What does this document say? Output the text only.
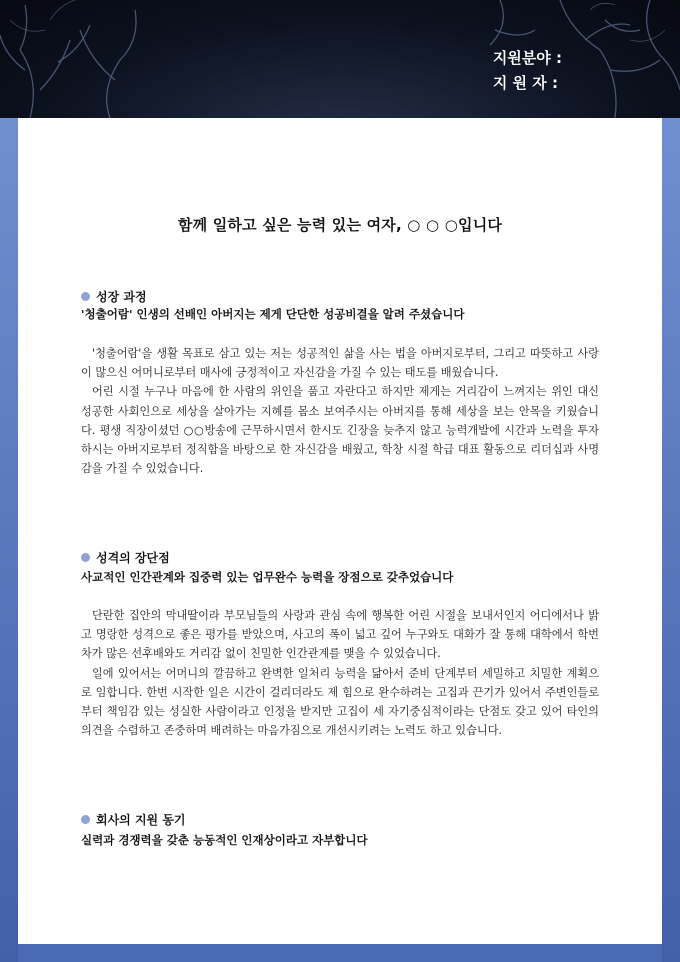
지원분야 :
지 원 자 :
함께 일하고 싶은 능력 있는 여자, ○ ○ ○입니다
성장 과정
'청출어람' 인생의 선배인 아버지는 제게 단단한 성공비결을 알려 주셨습니다

'청출어람'을 생활 목표로 삼고 있는 저는 성공적인 삶을 사는 법을 아버지로부터, 그리고 따뜻하고 사랑이 많으신 어머니로부터 매사에 긍정적이고 자신감을 가질 수 있는 태도를 배웠습니다.

어린 시절 누구나 마음에 한 사람의 위인을 품고 자란다고 하지만 제게는 거리감이 느껴지는 위인 대신 성공한 사회인으로 세상을 살아가는 지혜를 몸소 보여주시는 아버지를 통해 세상을 보는 안목을 키웠습니다. 평생 직장이셨던 ○○방송에 근무하시면서 한시도 긴장을 늦추지 않고 능력개발에 시간과 노력을 투자하시는 아버지로부터 정직함을 바탕으로 한 자신감을 배웠고, 학창 시절 학급 대표 활동으로 리더십과 사명감을 가질 수 있었습니다.

성격의 장단점
사교적인 인간관계와 집중력 있는 업무완수 능력을 장점으로 갖추었습니다

단란한 집안의 막내딸이라 부모님들의 사랑과 관심 속에 행복한 어린 시절을 보내서인지 어디에서나 밝고 명랑한 성격으로 좋은 평가를 받았으며, 사고의 폭이 넓고 깊어 누구와도 대화가 잘 통해 대학에서 학번 차가 많은 선후배와도 거리감 없이 친밀한 인간관계를 맺을 수 있었습니다.

일에 있어서는 어머니의 깔끔하고 완벽한 일처리 능력을 닮아서 준비 단계부터 세밀하고 치밀한 계획으로 임합니다. 한번 시작한 일은 시간이 걸리더라도 제 힘으로 완수하려는 고집과 끈기가 있어서 주변인들로부터 책임감 있는 성실한 사람이라고 인정을 받지만 고집이 세 자기중심적이라는 단점도 갖고 있어 타인의 의견을 수렴하고 존중하며 배려하는 마음가짐으로 개선시키려는 노력도 하고 있습니다.

회사의 지원 동기
실력과 경쟁력을 갖춘 능동적인 인재상이라고 자부합니다
